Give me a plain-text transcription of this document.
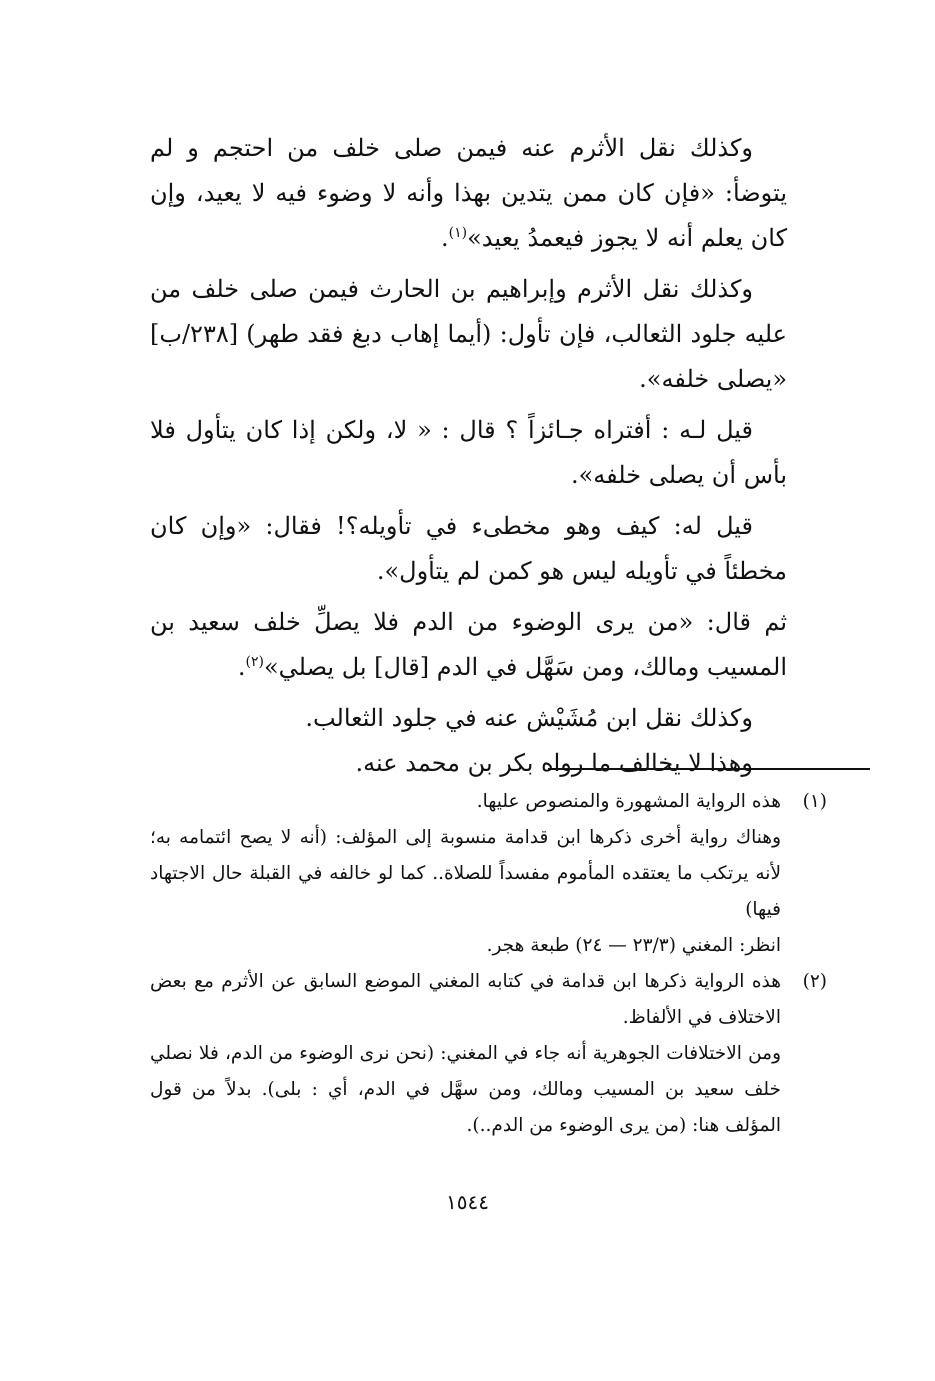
وكذلك نقل الأثرم عنه فيمن صلى خلف من احتجم و لم يتوضأ: «فإن كان ممن يتدين بهذا وأنه لا وضوء فيه لا يعيد، وإن كان يعلم أنه لا يجوز فيعمدُ يعيد»$^{(١)}$.

وكذلك نقل الأثرم وإبراهيم بن الحارث فيمن صلى خلف من عليه جلود الثعالب، فإن تأول: (أيما إهاب دبغ فقد طهر) [٢٣٨/ب] «يصلى خلفه».

قيل لـه : أفتراه جـائزاً ؟ قال : « لا، ولكن إذا كان يتأول فلا بأس أن يصلى خلفه».

قيل له: كيف وهو مخطىء في تأويله؟! فقال: «وإن كان مخطئاً في تأويله ليس هو كمن لم يتأول».

ثم قال: «من يرى الوضوء من الدم فلا يصلِّ خلف سعيد بن المسيب ومالك، ومن سَهَّل في الدم [قال] بل يصلي»$^{(٢)}$.

وكذلك نقل ابن مُشَيْش عنه في جلود الثعالب.

وهذا لا يخالف ما رواه بكر بن محمد عنه.

(١)

هذه الرواية المشهورة والمنصوص عليها.

وهناك رواية أخرى ذكرها ابن قدامة منسوبة إلى المؤلف: (أنه لا يصح ائتمامه به؛ لأنه يرتكب ما يعتقده المأموم مفسداً للصلاة.. كما لو خالفه في القبلة حال الاجتهاد فيها)

انظر: المغني (٢٣/٣ — ٢٤) طبعة هجر.

(٢)

هذه الرواية ذكرها ابن قدامة في كتابه المغني الموضع السابق عن الأثرم مع بعض الاختلاف في الألفاظ.

ومن الاختلافات الجوهرية أنه جاء في المغني: (نحن نرى الوضوء من الدم، فلا نصلي خلف سعيد بن المسيب ومالك، ومن سهَّل في الدم، أي : بلى). بدلاً من قول المؤلف هنا: (من يرى الوضوء من الدم..).

١٥٤٤
